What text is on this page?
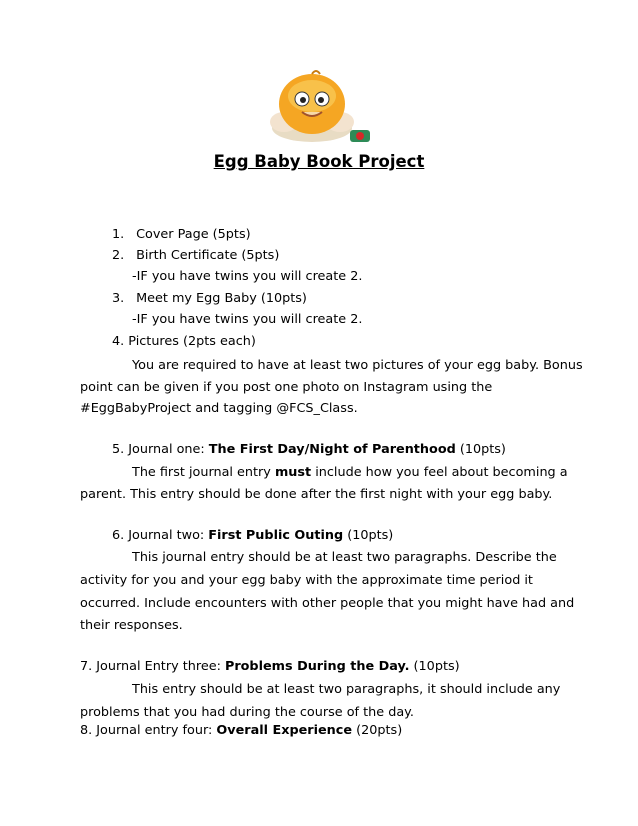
Egg Baby Book Project
1. Cover Page (5pts)
2. Birth Certificate (5pts)
-IF you have twins you will create 2.
3. Meet my Egg Baby (10pts)
-IF you have twins you will create 2.
4. Pictures (2pts each)
You are required to have at least two pictures of your egg baby. Bonus
point can be given if you post one photo on Instagram using the
#EggBabyProject and tagging @FCS_Class.
5. Journal one: The First Day/Night of Parenthood (10pts)
The first journal entry must include how you feel about becoming a
parent. This entry should be done after the first night with your egg baby.
6. Journal two: First Public Outing (10pts)
This journal entry should be at least two paragraphs. Describe the
activity for you and your egg baby with the approximate time period it
occurred. Include encounters with other people that you might have had and
their responses.
7. Journal Entry three: Problems During the Day. (10pts)
This entry should be at least two paragraphs, it should include any
problems that you had during the course of the day.
8. Journal entry four: Overall Experience (20pts)
